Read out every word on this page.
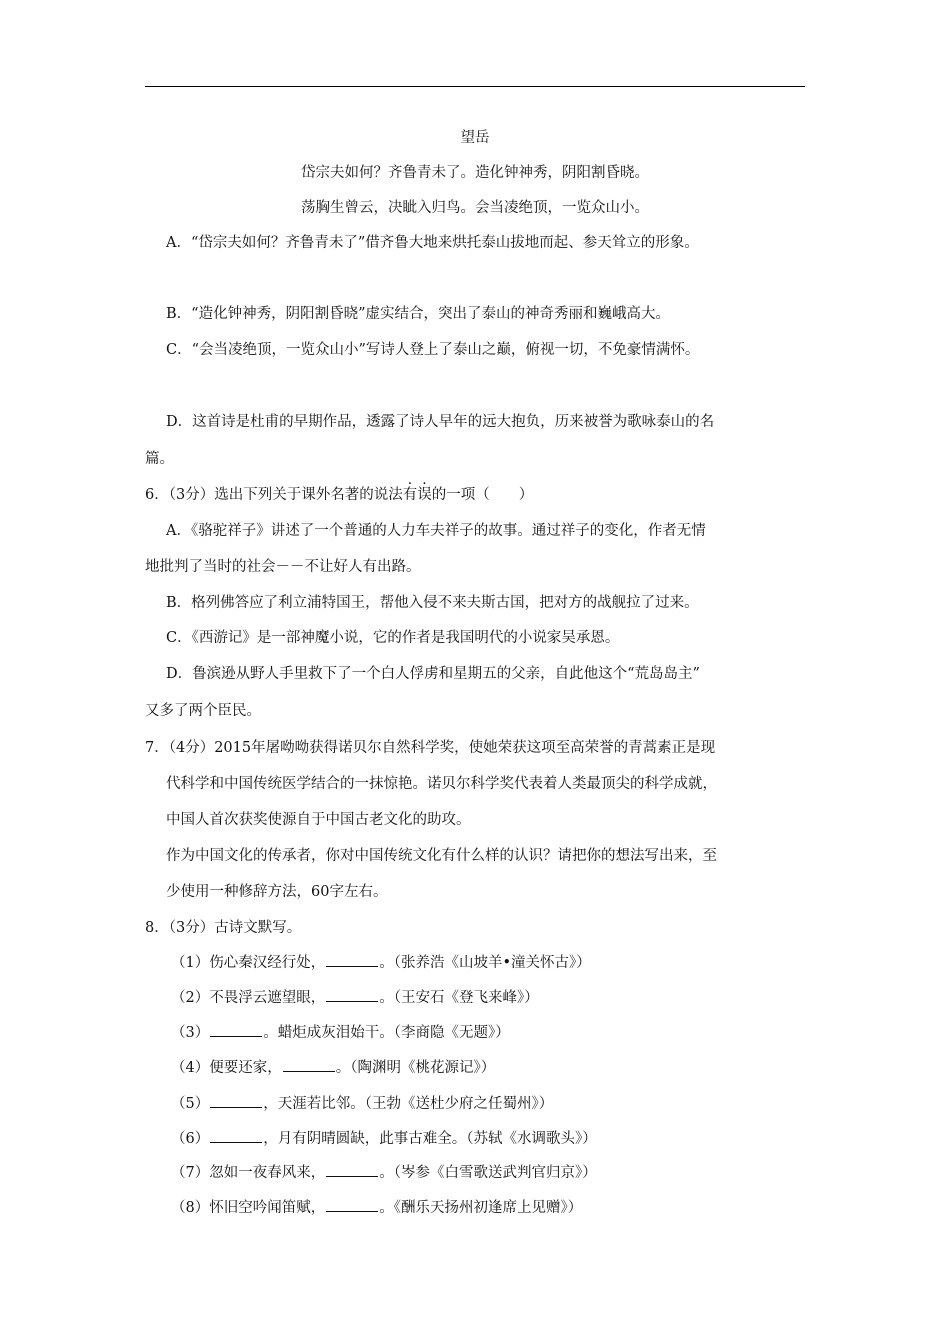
望岳
岱宗夫如何？齐鲁青未了。造化钟神秀，阴阳割昏晓。
荡胸生曾云，决眦入归鸟。会当凌绝顶，一览众山小。
A．“岱宗夫如何？齐鲁青未了”借齐鲁大地来烘托泰山拔地而起、参天耸立的形象。
B．“造化钟神秀，阴阳割昏晓”虚实结合，突出了泰山的神奇秀丽和巍峨高大。
C．“会当凌绝顶，一览众山小”写诗人登上了泰山之巅，俯视一切，不免豪情满怀。
D．这首诗是杜甫的早期作品，透露了诗人早年的远大抱负，历来被誉为歌咏泰山的名
篇。
6．（3分）选出下列关于课外名著的说法有误的一项（　　）
A．《骆驼祥子》讲述了一个普通的人力车夫祥子的故事。通过祥子的变化，作者无情
地批判了当时的社会－－不让好人有出路。
B．格列佛答应了利立浦特国王，帮他入侵不来夫斯古国，把对方的战舰拉了过来。
C．《西游记》是一部神魔小说，它的作者是我国明代的小说家吴承恩。
D．鲁滨逊从野人手里救下了一个白人俘虏和星期五的父亲，自此他这个“荒岛岛主”
又多了两个臣民。
7．（4分）2015年屠呦呦获得诺贝尔自然科学奖，使她荣获这项至高荣誉的青蒿素正是现
代科学和中国传统医学结合的一抹惊艳。诺贝尔科学奖代表着人类最顶尖的科学成就，
中国人首次获奖使源自于中国古老文化的助攻。
作为中国文化的传承者，你对中国传统文化有什么样的认识？请把你的想法写出来，至
少使用一种修辞方法，60字左右。
8．（3分）古诗文默写。
（1）伤心秦汉经行处，	。（张养浩《山坡羊•潼关怀古》）
（2）不畏浮云遮望眼，	。（王安石《登飞来峰》）
（3）	。蜡炬成灰泪始干。（李商隐《无题》）
（4）便要还家，	。（陶渊明《桃花源记》）
（5）	，天涯若比邻。（王勃《送杜少府之任蜀州》）
（6）	，月有阴晴圆缺，此事古难全。（苏轼《水调歌头》）
（7）忽如一夜春风来，	。（岑参《白雪歌送武判官归京》）
（8）怀旧空吟闻笛赋，	。《酬乐天扬州初逢席上见赠》）
